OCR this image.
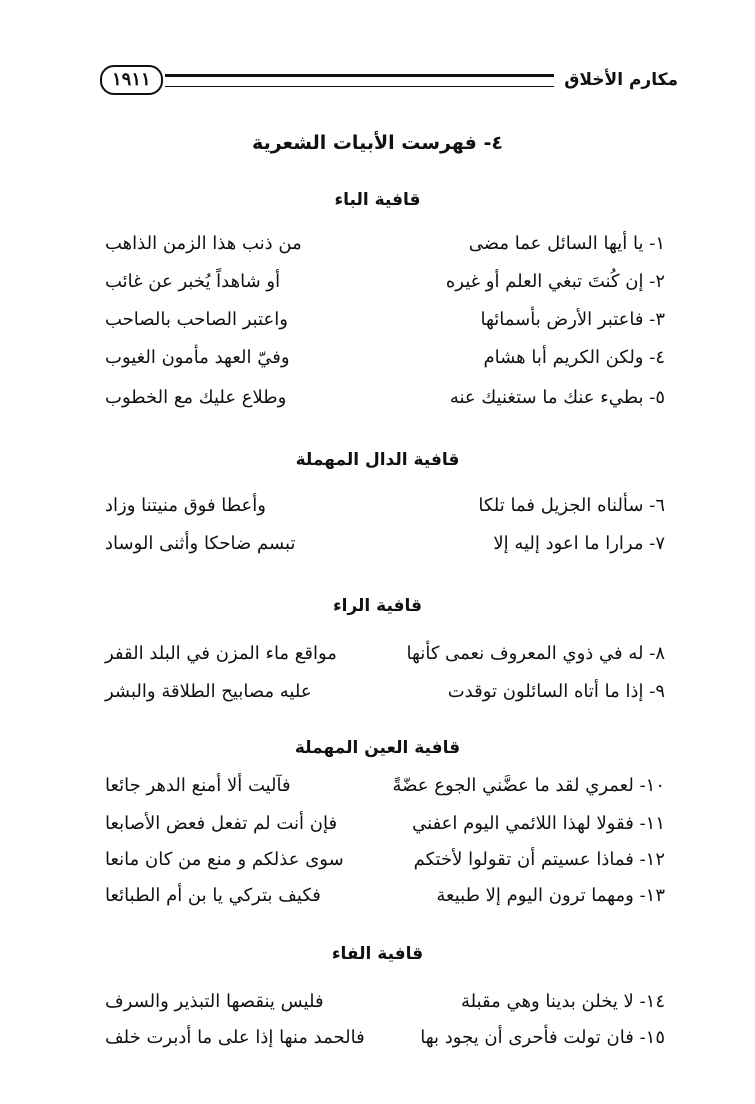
مكارم الأخلاق
١٩١١
٤- فهرست الأبيات الشعرية
قافية الباء
١- يا أيها السائل عما مضى
من ذنب هذا الزمن الذاهب
٢- إن كُنتَ تبغي العلم أو غيره
أو شاهداً يُخبر عن غائب
٣- فاعتبر الأرض بأسمائها
واعتبر الصاحب بالصاحب
٤- ولكن الكريم أبا هشام
وفيّ العهد مأمون الغيوب
٥- بطيء عنك ما ستغنيك عنه
وطلاع عليك مع الخطوب
قافية الدال المهملة
٦- سألناه الجزيل فما تلكا
وأعطا فوق منيتنا وزاد
٧- مرارا ما اعود إليه إلا
تبسم ضاحكا وأثنى الوساد
قافية الراء
٨- له في ذوي المعروف نعمى كأنها
مواقع ماء المزن في البلد القفر
٩- إذا ما أتاه السائلون توقدت
عليه مصابيح الطلاقة والبشر
قافية العين المهملة
١٠- لعمري لقد ما عضَّني الجوع عضّةً
فآليت ألا أمنع الدهر جائعا
١١- فقولا لهذا اللائمي اليوم اعفني
فإن أنت لم تفعل فعض الأصابعا
١٢- فماذا عسيتم أن تقولوا لأختكم
سوى عذلكم و منع من كان مانعا
١٣- ومهما ترون اليوم إلا طبيعة
فكيف بتركي يا بن أم الطبائعا
قافية الفاء
١٤- لا يخلن بدينا وهي مقبلة
فليس ينقصها التبذير والسرف
١٥- فان تولت فأحرى أن يجود بها
فالحمد منها إذا على ما أدبرت خلف
